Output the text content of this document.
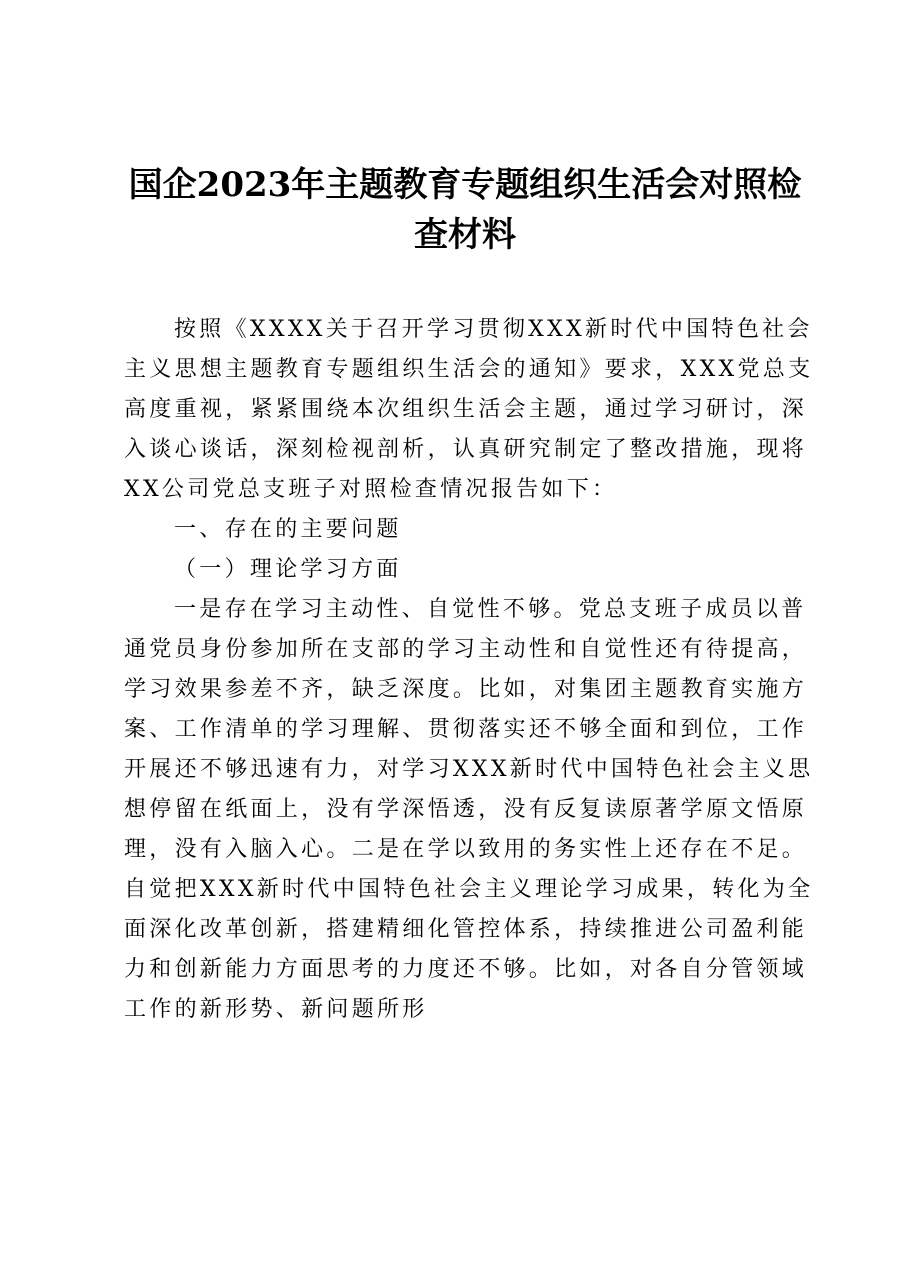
国企2023年主题教育专题组织生活会对照检查材料

按照《XXXX关于召开学习贯彻XXX新时代中国特色社会主义思想主题教育专题组织生活会的通知》要求，XXX党总支高度重视，紧紧围绕本次组织生活会主题，通过学习研讨，深入谈心谈话，深刻检视剖析，认真研究制定了整改措施，现将XX公司党总支班子对照检查情况报告如下：

一、存在的主要问题

（一）理论学习方面

一是存在学习主动性、自觉性不够。党总支班子成员以普通党员身份参加所在支部的学习主动性和自觉性还有待提高，学习效果参差不齐，缺乏深度。比如，对集团主题教育实施方案、工作清单的学习理解、贯彻落实还不够全面和到位，工作开展还不够迅速有力，对学习XXX新时代中国特色社会主义思想停留在纸面上，没有学深悟透，没有反复读原著学原文悟原理，没有入脑入心。二是在学以致用的务实性上还存在不足。自觉把XXX新时代中国特色社会主义理论学习成果，转化为全面深化改革创新，搭建精细化管控体系，持续推进公司盈利能力和创新能力方面思考的力度还不够。比如，对各自分管领域工作的新形势、新问题所形
